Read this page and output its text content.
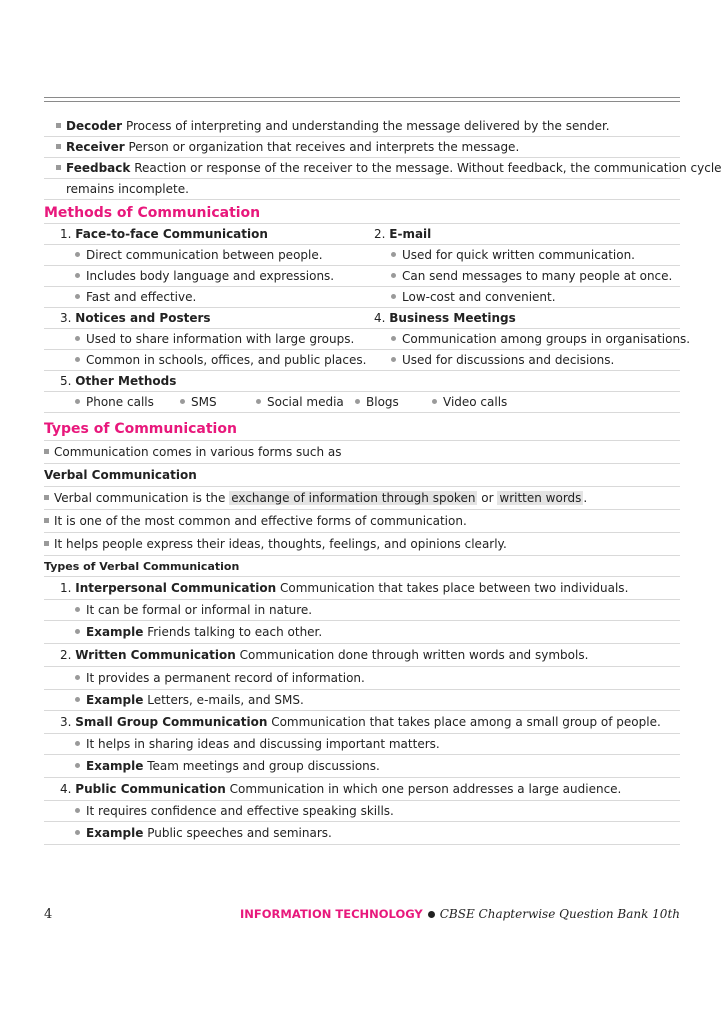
Decoder Process of interpreting and understanding the message delivered by the sender.
Receiver Person or organization that receives and interprets the message.
Feedback Reaction or response of the receiver to the message. Without feedback, the communication cycle
remains incomplete.
Methods of Communication
1. Face-to-face Communication	2. E-mail
Direct communication between people.	Used for quick written communication.
Includes body language and expressions.	Can send messages to many people at once.
Fast and effective.	Low-cost and convenient.
3. Notices and Posters	4. Business Meetings
Used to share information with large groups.	Communication among groups in organisations.
Common in schools, offices, and public places.	Used for discussions and decisions.
5. Other Methods
Phone calls	SMS	Social media	Blogs	Video calls
Types of Communication
Communication comes in various forms such as
Verbal Communication
Verbal communication is the exchange of information through spoken or written words .
It is one of the most common and effective forms of communication.
It helps people express their ideas, thoughts, feelings, and opinions clearly.
Types of Verbal Communication
1. Interpersonal Communication Communication that takes place between two individuals.
It can be formal or informal in nature.
Example Friends talking to each other.
2. Written Communication Communication done through written words and symbols.
It provides a permanent record of information.
Example Letters, e-mails, and SMS.
3. Small Group Communication Communication that takes place among a small group of people.
It helps in sharing ideas and discussing important matters.
Example Team meetings and group discussions.
4. Public Communication Communication in which one person addresses a large audience.
It requires confidence and effective speaking skills.
Example Public speeches and seminars.
4	INFORMATION TECHNOLOGY CBSE Chapterwise Question Bank 10th
